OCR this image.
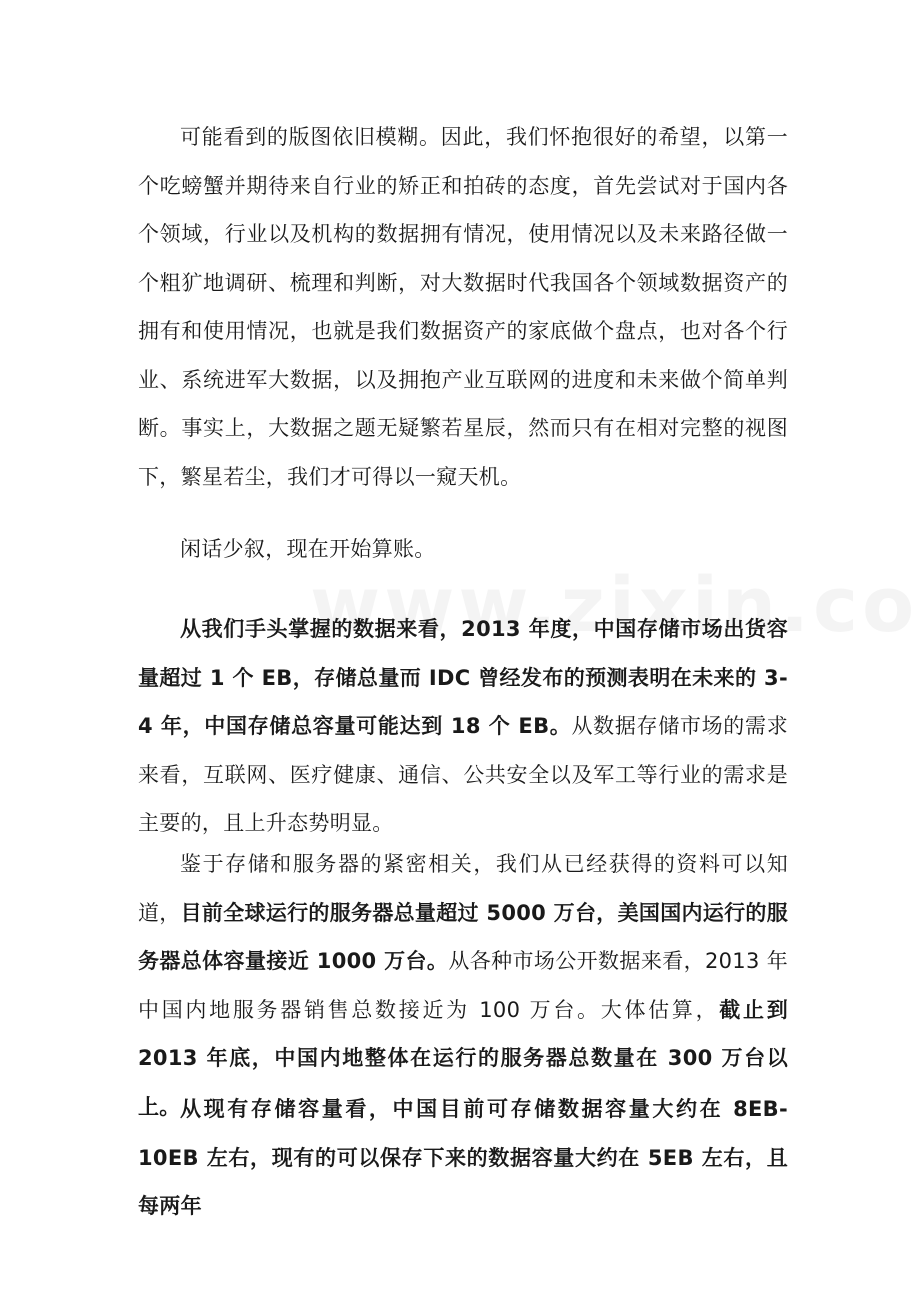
可能看到的版图依旧模糊。因此，我们怀抱很好的希望，以第一个吃螃蟹并期待来自行业的矫正和拍砖的态度，首先尝试对于国内各个领域，行业以及机构的数据拥有情况，使用情况以及未来路径做一个粗犷地调研、梳理和判断，对大数据时代我国各个领域数据资产的拥有和使用情况，也就是我们数据资产的家底做个盘点，也对各个行业、系统进军大数据，以及拥抱产业互联网的进度和未来做个简单判断。事实上，大数据之题无疑繁若星辰，然而只有在相对完整的视图下，繁星若尘，我们才可得以一窥天机。

闲话少叙，现在开始算账。

从我们手头掌握的数据来看，2013 年度，中国存储市场出货容量超过 1 个 EB，存储总量而 IDC 曾经发布的预测表明在未来的 3-4 年，中国存储总容量可能达到 18 个 EB。从数据存储市场的需求来看，互联网、医疗健康、通信、公共安全以及军工等行业的需求是主要的，且上升态势明显。

鉴于存储和服务器的紧密相关，我们从已经获得的资料可以知道，目前全球运行的服务器总量超过 5000 万台，美国国内运行的服务器总体容量接近 1000 万台。从各种市场公开数据来看，2013 年中国内地服务器销售总数接近为 100 万台。大体估算，截止到 2013 年底，中国内地整体在运行的服务器总数量在 300 万台以上。 从现有存储容量看，中国目前可存储数据容量大约在 8EB-10EB 左右，现有的可以保存下来的数据容量大约在 5EB 左右，且每两年
